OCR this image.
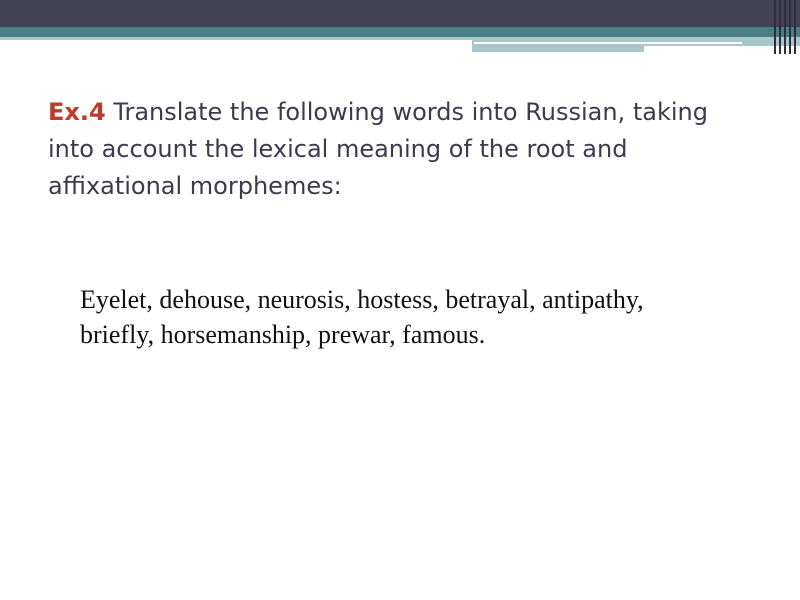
Ex.4 Translate the following words into Russian, taking into account the lexical meaning of the root and affixational morphemes:

Eyelet, dehouse, neurosis, hostess, betrayal, antipathy, briefly, horsemanship, prewar, famous.
